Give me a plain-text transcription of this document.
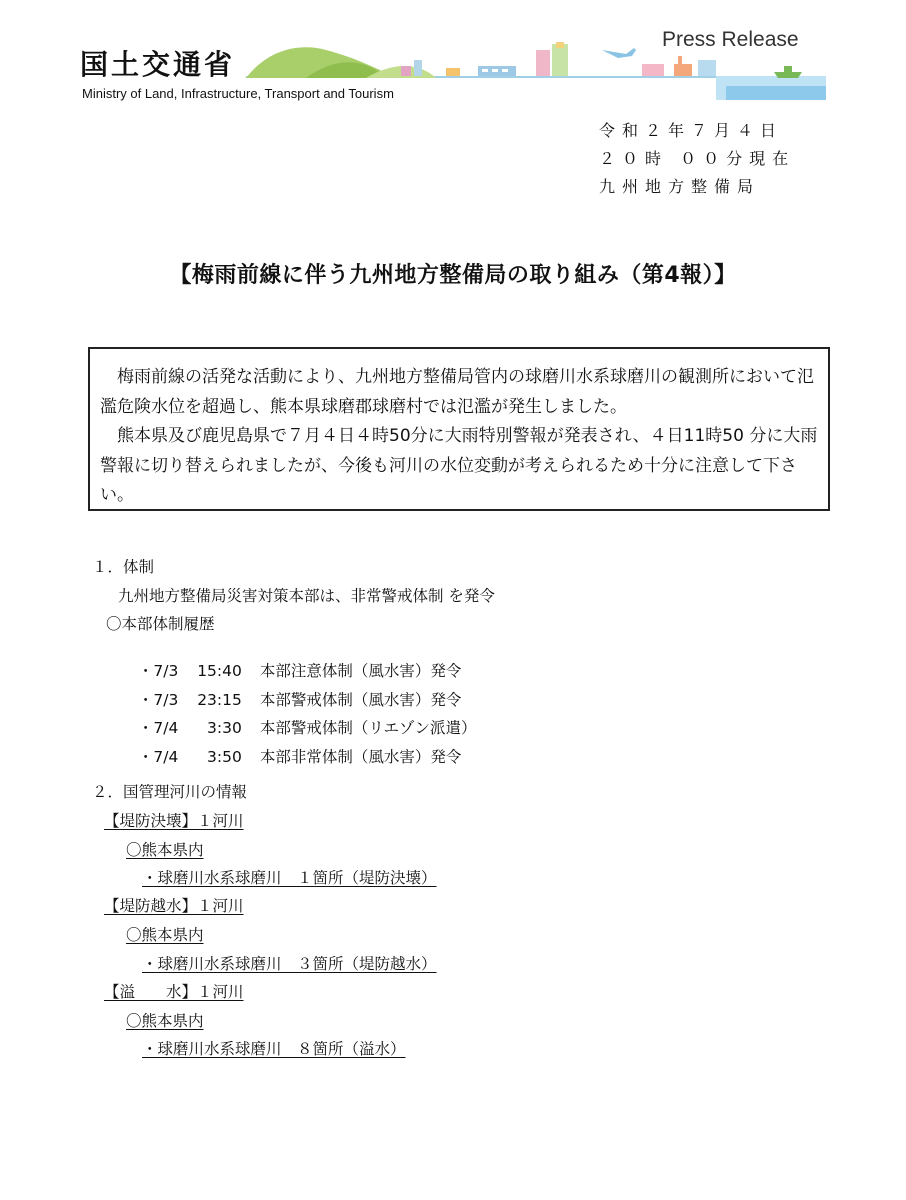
国土交通省
Ministry of Land, Infrastructure, Transport and Tourism
Press Release
令和２年７月４日
２０時 ００分現在
九州地方整備局
【梅雨前線に伴う九州地方整備局の取り組み（第4報）】

梅雨前線の活発な活動により、九州地方整備局管内の球磨川水系球磨川の観測所において氾濫危険水位を超過し、熊本県球磨郡球磨村では氾濫が発生しました。

熊本県及び鹿児島県で７月４日４時50分に大雨特別警報が発表され、４日11時50 分に大雨警報に切り替えられましたが、今後も河川の水位変動が考えられるため十分に注意して下さい。

１．体制
九州地方整備局災害対策本部は、非常警戒体制 を発令
〇本部体制履歴

・7/3 15:40 本部注意体制（風水害）発令

・7/3 23:15 本部警戒体制（風水害）発令

・7/4 3:30 本部警戒体制（リエゾン派遣）

・7/4 3:50 本部非常体制（風水害）発令

２．国管理河川の情報
【堤防決壊】１河川
〇熊本県内
・球磨川水系球磨川　１箇所（堤防決壊）
【堤防越水】１河川
〇熊本県内
・球磨川水系球磨川　３箇所（堤防越水）
【溢　　水】１河川
〇熊本県内
・球磨川水系球磨川　８箇所（溢水）
